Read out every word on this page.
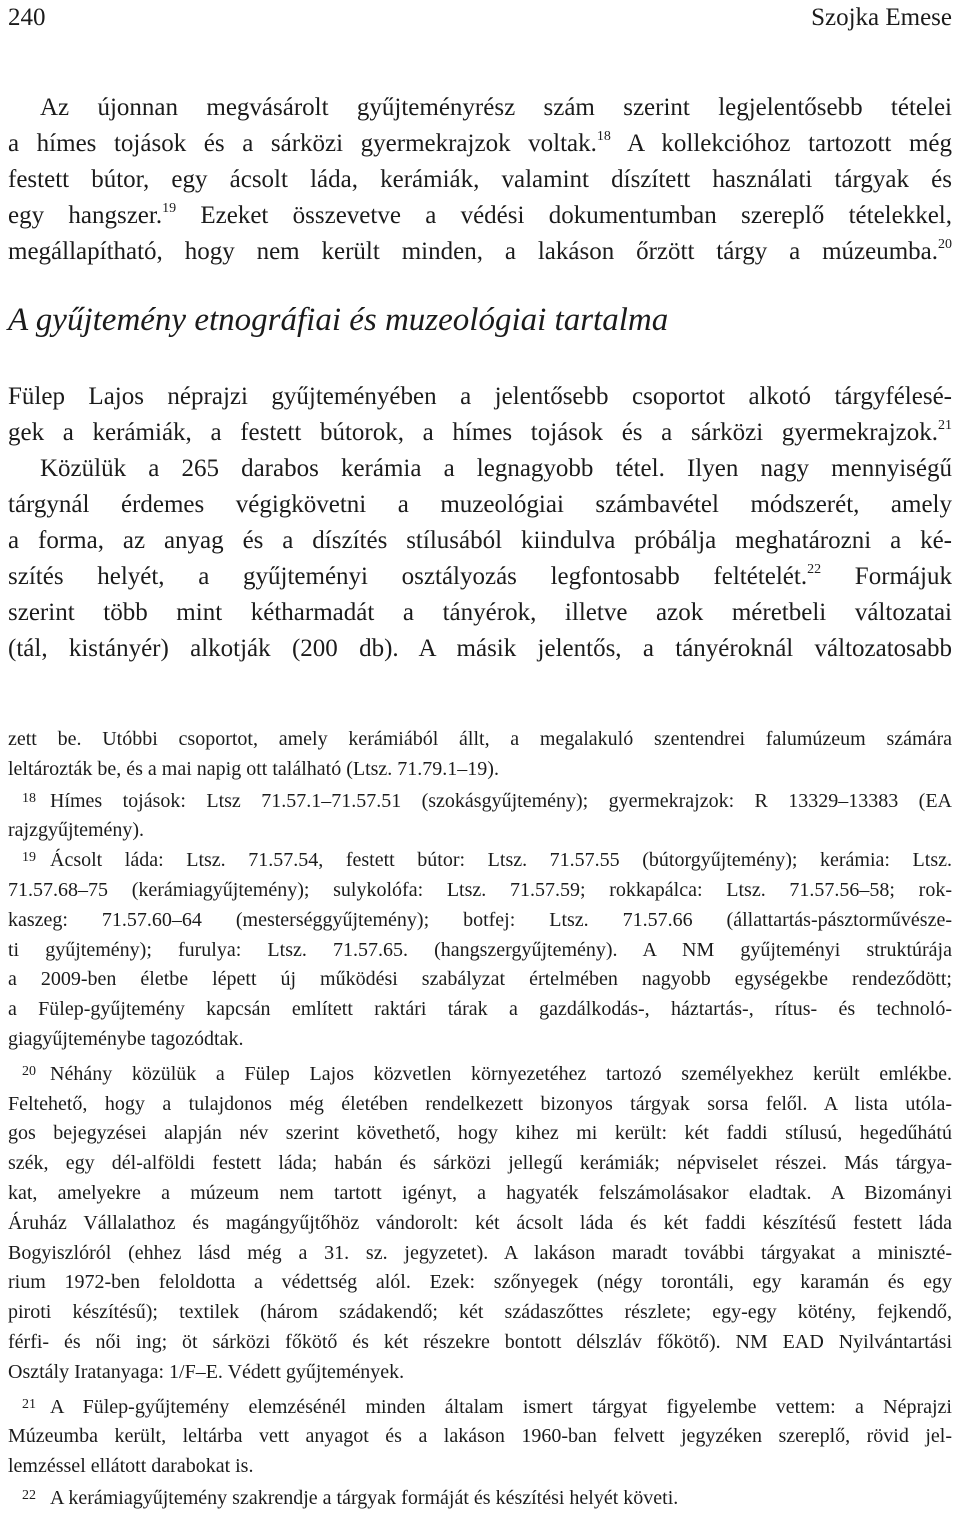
240	Szojka Emese
Az újonnan megvásárolt gyűjteményrész szám szerint legjelentősebb tételei
a hímes tojások és a sárközi gyermekrajzok voltak.$^{18}$ A kollekcióhoz tartozott még
festett bútor, egy ácsolt láda, kerámiák, valamint díszített használati tárgyak és
egy hangszer.$^{19}$ Ezeket összevetve a védési dokumentumban szereplő tételekkel,
megállapítható, hogy nem került minden, a lakáson őrzött tárgy a múzeumba.$^{20}$
A gyűjtemény etnográfiai és muzeológiai tartalma
Fülep Lajos néprajzi gyűjteményében a jelentősebb csoportot alkotó tárgyfélesé-
gek a kerámiák, a festett bútorok, a hímes tojások és a sárközi gyermekrajzok.$^{21}$
Közülük a 265 darabos kerámia a legnagyobb tétel. Ilyen nagy mennyiségű
tárgynál érdemes végigkövetni a muzeológiai számbavétel módszerét, amely
a forma, az anyag és a díszítés stílusából kiindulva próbálja meghatározni a ké-
szítés helyét, a gyűjteményi osztályozás legfontosabb feltételét.$^{22}$ Formájuk
szerint több mint kétharmadát a tányérok, illetve azok méretbeli változatai
(tál, kistányér) alkotják (200 db). A másik jelentős, a tányéroknál változatosabb
zett be. Utóbbi csoportot, amely kerámiából állt, a megalakuló szentendrei falumúzeum számára
leltározták be, és a mai napig ott található (Ltsz. 71.79.1–19).
18 Hímes tojások: Ltsz 71.57.1–71.57.51 (szokásgyűjtemény); gyermekrajzok: R 13329–13383 (EA
rajzgyűjtemény).
19 Ácsolt láda: Ltsz. 71.57.54, festett bútor: Ltsz. 71.57.55 (bútorgyűjtemény); kerámia: Ltsz.
71.57.68–75 (kerámiagyűjtemény); sulykolófa: Ltsz. 71.57.59; rokkapálca: Ltsz. 71.57.56–58; rok-
kaszeg: 71.57.60–64 (mesterséggyűjtemény); botfej: Ltsz. 71.57.66 (állattartás-pásztorművésze-
ti gyűjtemény); furulya: Ltsz. 71.57.65. (hangszergyűjtemény). A NM gyűjteményi struktúrája
a 2009-ben életbe lépett új működési szabályzat értelmében nagyobb egységekbe rendeződött;
a Fülep-gyűjtemény kapcsán említett raktári tárak a gazdálkodás-, háztartás-, rítus- és technoló-
giagyűjteménybe tagozódtak.
20 Néhány közülük a Fülep Lajos közvetlen környezetéhez tartozó személyekhez került emlékbe.
Feltehető, hogy a tulajdonos még életében rendelkezett bizonyos tárgyak sorsa felől. A lista utóla-
gos bejegyzései alapján név szerint követhető, hogy kihez mi került: két faddi stílusú, hegedűhátú
szék, egy dél-alföldi festett láda; habán és sárközi jellegű kerámiák; népviselet részei. Más tárgya-
kat, amelyekre a múzeum nem tartott igényt, a hagyaték felszámolásakor eladtak. A Bizományi
Áruház Vállalathoz és magángyűjtőhöz vándorolt: két ácsolt láda és két faddi készítésű festett láda
Bogyiszlóról (ehhez lásd még a 31. sz. jegyzetet). A lakáson maradt további tárgyakat a miniszté-
rium 1972-ben feloldotta a védettség alól. Ezek: szőnyegek (négy torontáli, egy karamán és egy
piroti készítésű); textilek (három szádakendő; két szádaszőttes részlete; egy-egy kötény, fejkendő,
férfi- és női ing; öt sárközi főkötő és két részekre bontott délszláv főkötő). NM EAD Nyilvántartási
Osztály Iratanyaga: 1/F–E. Védett gyűjtemények.
21 A Fülep-gyűjtemény elemzésénél minden általam ismert tárgyat figyelembe vettem: a Néprajzi
Múzeumba került, leltárba vett anyagot és a lakáson 1960-ban felvett jegyzéken szereplő, rövid jel-
lemzéssel ellátott darabokat is.
22 A kerámiagyűjtemény szakrendje a tárgyak formáját és készítési helyét követi.
